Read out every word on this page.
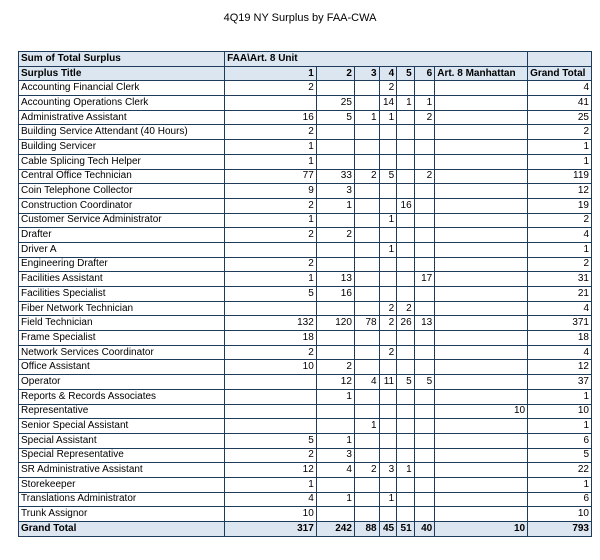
4Q19 NY Surplus by FAA-CWA
Sum of Total Surplus	FAA\Art. 8 Unit							
Surplus Title	1	2	3	4	5	6	Art. 8 Manhattan	Grand Total
Accounting Financial Clerk	2			2				4
Accounting Operations Clerk		25		14	1	1		41
Administrative Assistant	16	5	1	1		2		25
Building Service Attendant (40 Hours)	2							2
Building Servicer	1							1
Cable Splicing Tech Helper	1							1
Central Office Technician	77	33	2	5		2		119
Coin Telephone Collector	9	3						12
Construction Coordinator	2	1			16			19
Customer Service Administrator	1			1				2
Drafter	2	2						4
Driver A				1				1
Engineering Drafter	2							2
Facilities Assistant	1	13				17		31
Facilities Specialist	5	16						21
Fiber Network Technician				2	2			4
Field Technician	132	120	78	2	26	13		371
Frame Specialist	18							18
Network Services Coordinator	2			2				4
Office Assistant	10	2						12
Operator		12	4	11	5	5		37
Reports & Records Associates		1						1
Representative							10	10
Senior Special Assistant			1					1
Special Assistant	5	1						6
Special Representative	2	3						5
SR Administrative Assistant	12	4	2	3	1			22
Storekeeper	1							1
Translations Administrator	4	1		1				6
Trunk Assignor	10							10
Grand Total	317	242	88	45	51	40	10	793
